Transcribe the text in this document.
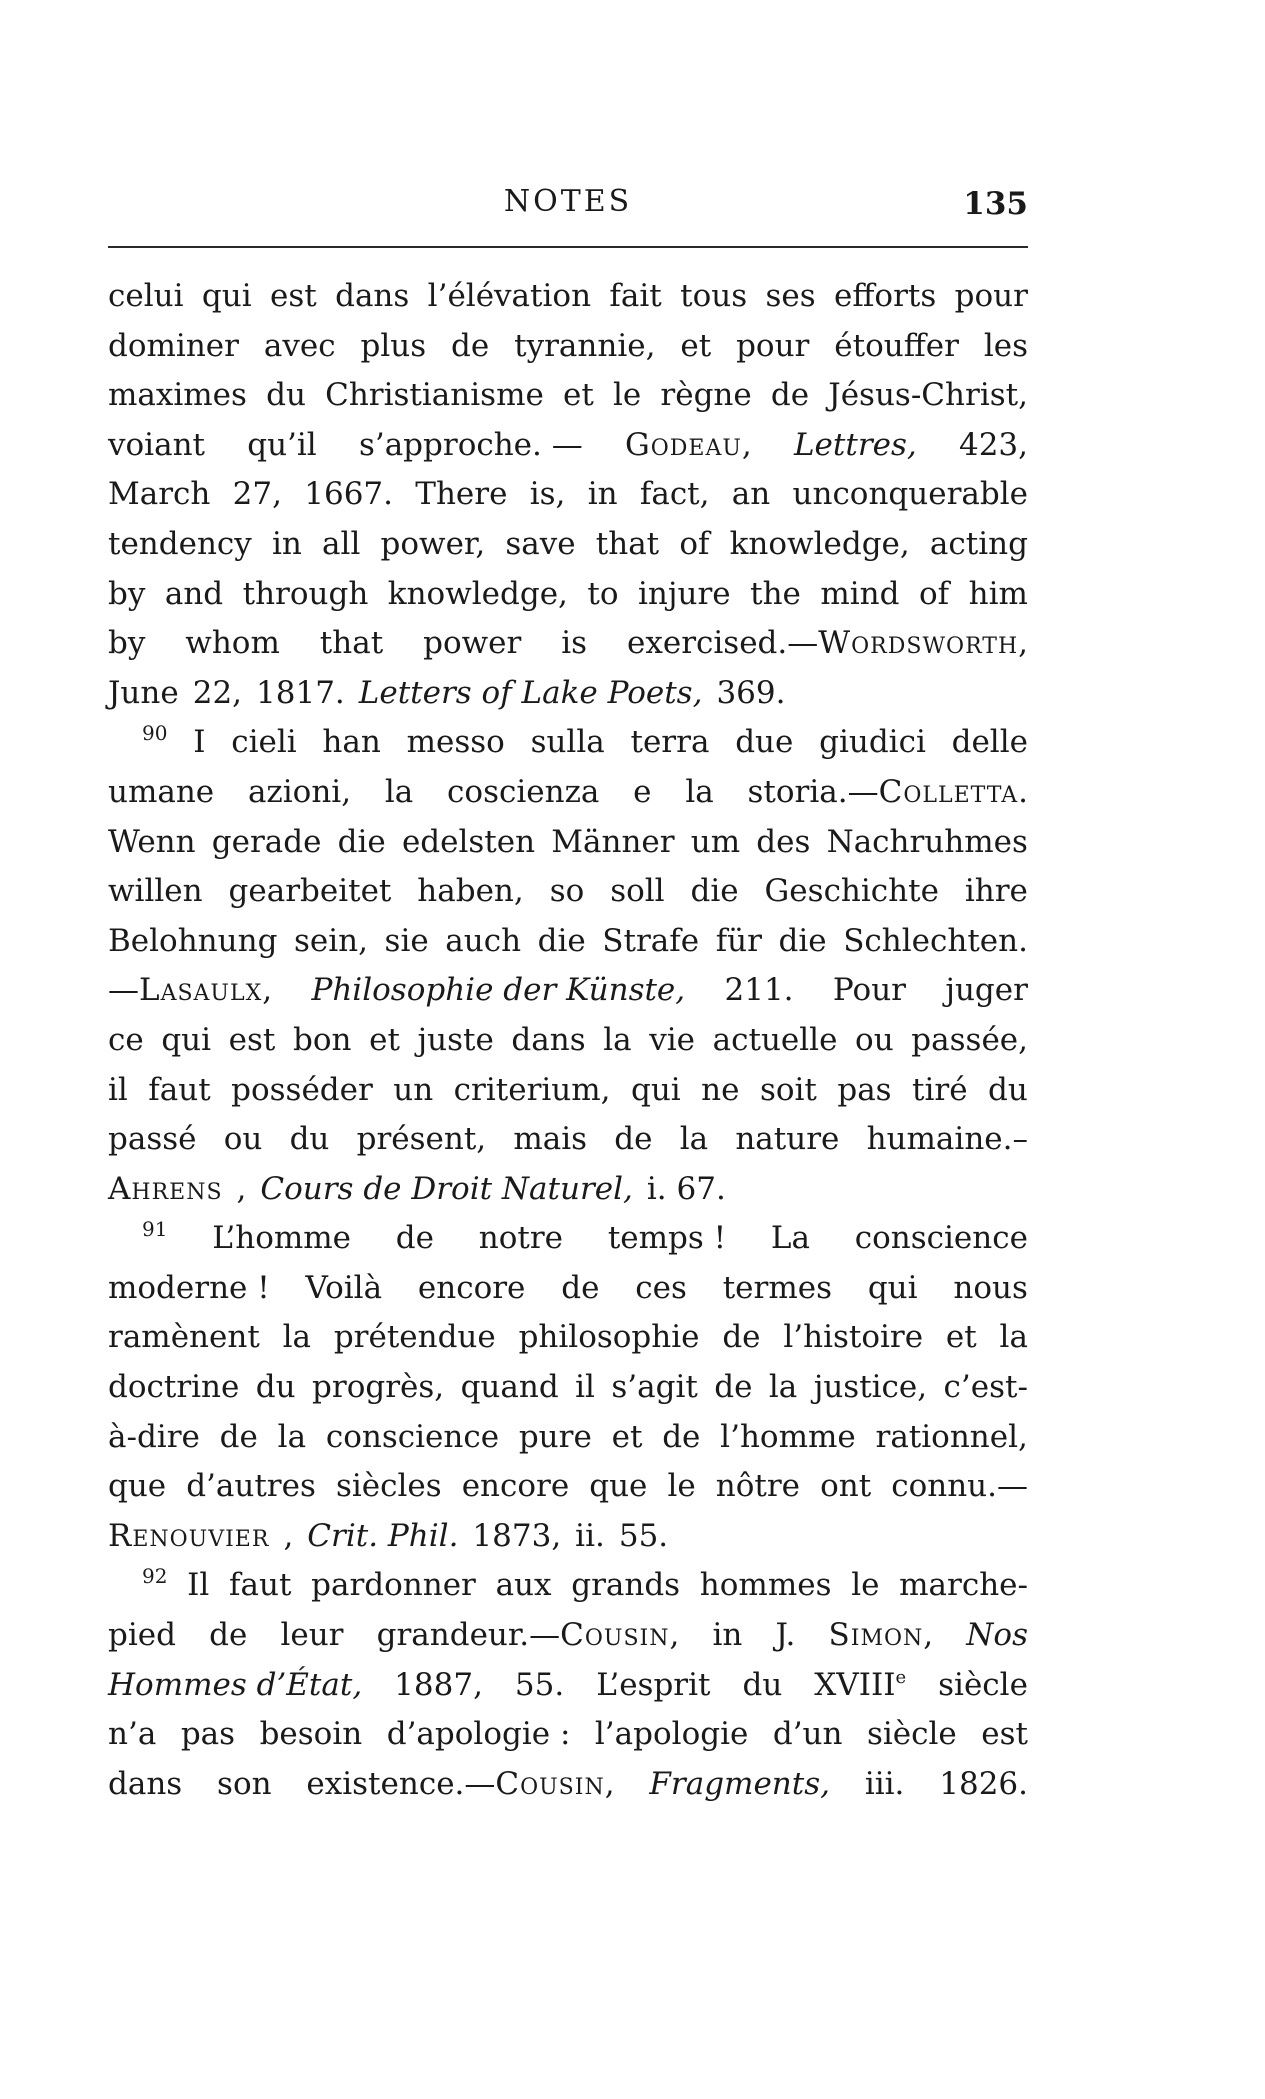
NOTES	135
celui qui est dans l’élévation fait tous ses efforts pour
dominer avec plus de tyrannie, et pour étouffer les
maximes du Christianisme et le règne de Jésus-Christ,
voiant qu’il s’approche. — Godeau, Lettres, 423,
March 27, 1667. There is, in fact, an unconquerable
tendency in all power, save that of knowledge, acting
by and through knowledge, to injure the mind of him
by whom that power is exercised.—Wordsworth,
June 22, 1817. Letters of Lake Poets, 369.
$^{90}$ I cieli han messo sulla terra due giudici delle
umane azioni, la coscienza e la storia.—Colletta.
Wenn gerade die edelsten Männer um des Nachruhmes
willen gearbeitet haben, so soll die Geschichte ihre
Belohnung sein, sie auch die Strafe für die Schlechten.
—Lasaulx, Philosophie der Künste, 211. Pour juger
ce qui est bon et juste dans la vie actuelle ou passée,
il faut posséder un criterium, qui ne soit pas tiré du
passé ou du présent, mais de la nature humaine.–
Ahrens , Cours de Droit Naturel, i. 67.
$^{91}$ L’homme de notre temps ! La conscience
moderne ! Voilà encore de ces termes qui nous
ramènent la prétendue philosophie de l’histoire et la
doctrine du progrès, quand il s’agit de la justice, c’est-
à-dire de la conscience pure et de l’homme rationnel,
que d’autres siècles encore que le nôtre ont connu.—
Renouvier , Crit. Phil. 1873, ii. 55.
$^{92}$ Il faut pardonner aux grands hommes le marche-
pied de leur grandeur.—Cousin, in J. Simon, Nos
Hommes d’État, 1887, 55. L’esprit du XVIIIe siècle
n’a pas besoin d’apologie : l’apologie d’un siècle est
dans son existence.—Cousin, Fragments, iii. 1826.
